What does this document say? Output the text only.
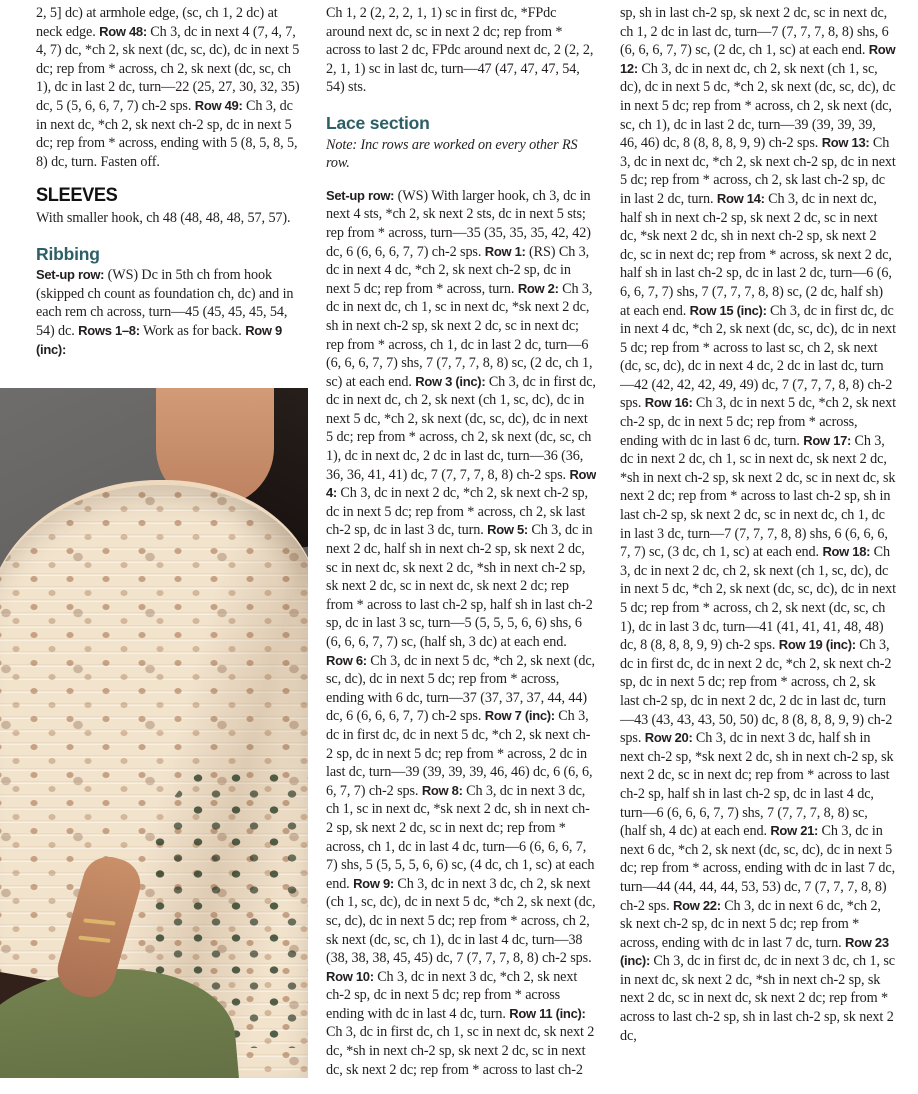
2, 5] dc) at armhole edge, (sc, ch 1, 2 dc) at neck edge. Row 48: Ch 3, dc in next 4 (7, 4, 7, 4, 7) dc, *ch 2, sk next (dc, sc, dc), dc in next 5 dc; rep from * across, ch 2, sk next (dc, sc, ch 1), dc in last 2 dc, turn—22 (25, 27, 30, 32, 35) dc, 5 (5, 6, 6, 7, 7) ch-2 sps. Row 49: Ch 3, dc in next dc, *ch 2, sk next ch-2 sp, dc in next 5 dc; rep from * across, ending with 5 (8, 5, 8, 5, 8) dc, turn. Fasten off.

SLEEVES

With smaller hook, ch 48 (48, 48, 48, 57, 57).

Ribbing

Set-up row: (WS) Dc in 5th ch from hook (skipped ch count as foundation ch, dc) and in each rem ch across, turn—45 (45, 45, 45, 54, 54) dc. Rows 1–8: Work as for back. Row 9 (inc):

Ch 1, 2 (2, 2, 2, 1, 1) sc in first dc, *FPdc around next dc, sc in next 2 dc; rep from * across to last 2 dc, FPdc around next dc, 2 (2, 2, 2, 1, 1) sc in last dc, turn—47 (47, 47, 47, 54, 54) sts.

Lace section

Note: Inc rows are worked on every other RS row.

Set-up row: (WS) With larger hook, ch 3, dc in next 4 sts, *ch 2, sk next 2 sts, dc in next 5 sts; rep from * across, turn—35 (35, 35, 35, 42, 42) dc, 6 (6, 6, 6, 7, 7) ch-2 sps. Row 1: (RS) Ch 3, dc in next 4 dc, *ch 2, sk next ch-2 sp, dc in next 5 dc; rep from * across, turn. Row 2: Ch 3, dc in next dc, ch 1, sc in next dc, *sk next 2 dc, sh in next ch-2 sp, sk next 2 dc, sc in next dc; rep from * across, ch 1, dc in last 2 dc, turn—6 (6, 6, 6, 7, 7) shs, 7 (7, 7, 7, 8, 8) sc, (2 dc, ch 1, sc) at each end. Row 3 (inc): Ch 3, dc in first dc, dc in next dc, ch 2, sk next (ch 1, sc, dc), dc in next 5 dc, *ch 2, sk next (dc, sc, dc), dc in next 5 dc; rep from * across, ch 2, sk next (dc, sc, ch 1), dc in next dc, 2 dc in last dc, turn—36 (36, 36, 36, 41, 41) dc, 7 (7, 7, 7, 8, 8) ch-2 sps. Row 4: Ch 3, dc in next 2 dc, *ch 2, sk next ch-2 sp, dc in next 5 dc; rep from * across, ch 2, sk last ch-2 sp, dc in last 3 dc, turn. Row 5: Ch 3, dc in next 2 dc, half sh in next ch-2 sp, sk next 2 dc, sc in next dc, sk next 2 dc, *sh in next ch-2 sp, sk next 2 dc, sc in next dc, sk next 2 dc; rep from * across to last ch-2 sp, half sh in last ch-2 sp, dc in last 3 sc, turn—5 (5, 5, 5, 6, 6) shs, 6 (6, 6, 6, 7, 7) sc, (half sh, 3 dc) at each end. Row 6: Ch 3, dc in next 5 dc, *ch 2, sk next (dc, sc, dc), dc in next 5 dc; rep from * across, ending with 6 dc, turn—37 (37, 37, 37, 44, 44) dc, 6 (6, 6, 6, 7, 7) ch-2 sps. Row 7 (inc): Ch 3, dc in first dc, dc in next 5 dc, *ch 2, sk next ch-2 sp, dc in next 5 dc; rep from * across, 2 dc in last dc, turn—39 (39, 39, 39, 46, 46) dc, 6 (6, 6, 6, 7, 7) ch-2 sps. Row 8: Ch 3, dc in next 3 dc, ch 1, sc in next dc, *sk next 2 dc, sh in next ch-2 sp, sk next 2 dc, sc in next dc; rep from * across, ch 1, dc in last 4 dc, turn—6 (6, 6, 6, 7, 7) shs, 5 (5, 5, 5, 6, 6) sc, (4 dc, ch 1, sc) at each end. Row 9: Ch 3, dc in next 3 dc, ch 2, sk next (ch 1, sc, dc), dc in next 5 dc, *ch 2, sk next (dc, sc, dc), dc in next 5 dc; rep from * across, ch 2, sk next (dc, sc, ch 1), dc in last 4 dc, turn—38 (38, 38, 38, 45, 45) dc, 7 (7, 7, 7, 8, 8) ch-2 sps. Row 10: Ch 3, dc in next 3 dc, *ch 2, sk next ch-2 sp, dc in next 5 dc; rep from * across ending with dc in last 4 dc, turn. Row 11 (inc): Ch 3, dc in first dc, ch 1, sc in next dc, sk next 2 dc, *sh in next ch-2 sp, sk next 2 dc, sc in next dc, sk next 2 dc; rep from * across to last ch-2

sp, sh in last ch-2 sp, sk next 2 dc, sc in next dc, ch 1, 2 dc in last dc, turn—7 (7, 7, 7, 8, 8) shs, 6 (6, 6, 6, 7, 7) sc, (2 dc, ch 1, sc) at each end. Row 12: Ch 3, dc in next dc, ch 2, sk next (ch 1, sc, dc), dc in next 5 dc, *ch 2, sk next (dc, sc, dc), dc in next 5 dc; rep from * across, ch 2, sk next (dc, sc, ch 1), dc in last 2 dc, turn—39 (39, 39, 39, 46, 46) dc, 8 (8, 8, 8, 9, 9) ch-2 sps. Row 13: Ch 3, dc in next dc, *ch 2, sk next ch-2 sp, dc in next 5 dc; rep from * across, ch 2, sk last ch-2 sp, dc in last 2 dc, turn. Row 14: Ch 3, dc in next dc, half sh in next ch-2 sp, sk next 2 dc, sc in next dc, *sk next 2 dc, sh in next ch-2 sp, sk next 2 dc, sc in next dc; rep from * across, sk next 2 dc, half sh in last ch-2 sp, dc in last 2 dc, turn—6 (6, 6, 6, 7, 7) shs, 7 (7, 7, 7, 8, 8) sc, (2 dc, half sh) at each end. Row 15 (inc): Ch 3, dc in first dc, dc in next 4 dc, *ch 2, sk next (dc, sc, dc), dc in next 5 dc; rep from * across to last sc, ch 2, sk next (dc, sc, dc), dc in next 4 dc, 2 dc in last dc, turn—42 (42, 42, 42, 49, 49) dc, 7 (7, 7, 7, 8, 8) ch-2 sps. Row 16: Ch 3, dc in next 5 dc, *ch 2, sk next ch-2 sp, dc in next 5 dc; rep from * across, ending with dc in last 6 dc, turn. Row 17: Ch 3, dc in next 2 dc, ch 1, sc in next dc, sk next 2 dc, *sh in next ch-2 sp, sk next 2 dc, sc in next dc, sk next 2 dc; rep from * across to last ch-2 sp, sh in last ch-2 sp, sk next 2 dc, sc in next dc, ch 1, dc in last 3 dc, turn—7 (7, 7, 7, 8, 8) shs, 6 (6, 6, 6, 7, 7) sc, (3 dc, ch 1, sc) at each end. Row 18: Ch 3, dc in next 2 dc, ch 2, sk next (ch 1, sc, dc), dc in next 5 dc, *ch 2, sk next (dc, sc, dc), dc in next 5 dc; rep from * across, ch 2, sk next (dc, sc, ch 1), dc in last 3 dc, turn—41 (41, 41, 41, 48, 48) dc, 8 (8, 8, 8, 9, 9) ch-2 sps. Row 19 (inc): Ch 3, dc in first dc, dc in next 2 dc, *ch 2, sk next ch-2 sp, dc in next 5 dc; rep from * across, ch 2, sk last ch-2 sp, dc in next 2 dc, 2 dc in last dc, turn—43 (43, 43, 43, 50, 50) dc, 8 (8, 8, 8, 9, 9) ch-2 sps. Row 20: Ch 3, dc in next 3 dc, half sh in next ch-2 sp, *sk next 2 dc, sh in next ch-2 sp, sk next 2 dc, sc in next dc; rep from * across to last ch-2 sp, half sh in last ch-2 sp, dc in last 4 dc, turn—6 (6, 6, 6, 7, 7) shs, 7 (7, 7, 7, 8, 8) sc, (half sh, 4 dc) at each end. Row 21: Ch 3, dc in next 6 dc, *ch 2, sk next (dc, sc, dc), dc in next 5 dc; rep from * across, ending with dc in last 7 dc, turn—44 (44, 44, 44, 53, 53) dc, 7 (7, 7, 7, 8, 8) ch-2 sps. Row 22: Ch 3, dc in next 6 dc, *ch 2, sk next ch-2 sp, dc in next 5 dc; rep from * across, ending with dc in last 7 dc, turn. Row 23 (inc): Ch 3, dc in first dc, dc in next 3 dc, ch 1, sc in next dc, sk next 2 dc, *sh in next ch-2 sp, sk next 2 dc, sc in next dc, sk next 2 dc; rep from * across to last ch-2 sp, sh in last ch-2 sp, sk next 2 dc,
